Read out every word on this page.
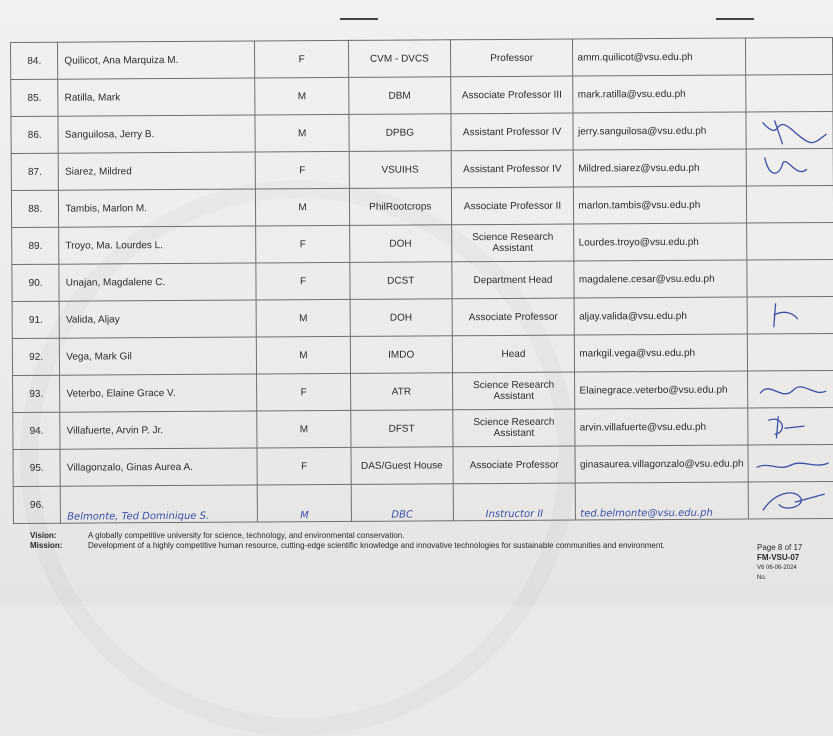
84.	Quilicot, Ana Marquiza M.	F	CVM - DVCS	Professor	amm.quilicot@vsu.edu.ph	
85.	Ratilla, Mark	M	DBM	Associate Professor III	mark.ratilla@vsu.edu.ph	
86.	Sanguilosa, Jerry B.	M	DPBG	Assistant Professor IV	jerry.sanguilosa@vsu.edu.ph	

87.	Siarez, Mildred	F	VSUIHS	Assistant Professor IV	Mildred.siarez@vsu.edu.ph	

88.	Tambis, Marlon M.	M	PhilRootcrops	Associate Professor II	marlon.tambis@vsu.edu.ph	
89.	Troyo, Ma. Lourdes L.	F	DOH	Science Research Assistant	Lourdes.troyo@vsu.edu.ph	
90.	Unajan, Magdalene C.	F	DCST	Department Head	magdalene.cesar@vsu.edu.ph	
91.	Valida, Aljay	M	DOH	Associate Professor	aljay.valida@vsu.edu.ph	

92.	Vega, Mark Gil	M	IMDO	Head	markgil.vega@vsu.edu.ph	
93.	Veterbo, Elaine Grace V.	F	ATR	Science Research Assistant	Elainegrace.veterbo@vsu.edu.ph	

94.	Villafuerte, Arvin P. Jr.	M	DFST	Science Research Assistant	arvin.villafuerte@vsu.edu.ph	

95.	Villagonzalo, Ginas Aurea A.	F	DAS/Guest House	Associate Professor	ginasaurea.villagonzalo@vsu.edu.ph	

96.	Belmonte, Ted Dominique S.	M	DBC	Instructor II	ted.belmonte@vsu.edu.ph	
Vision:	A globally competitive university for science, technology, and environmental conservation.
Mission:	Development of a highly competitive human resource, cutting-edge scientific knowledge and innovative technologies for sustainable communities and environment.	Page 8 of 17
FM-VSU-07
V6 06-06-2024
No.
